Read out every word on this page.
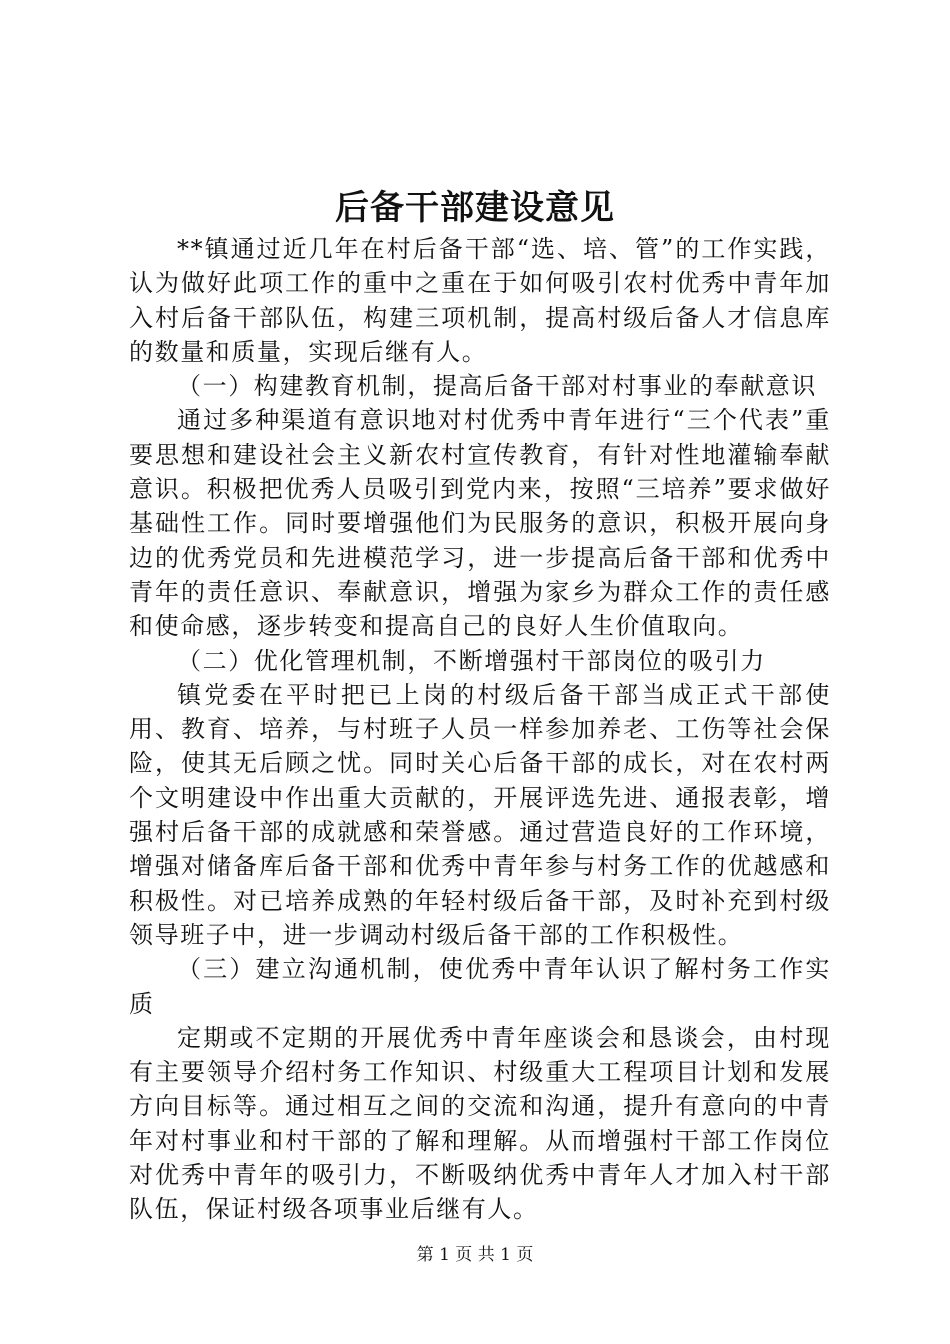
后备干部建设意见

**镇通过近几年在村后备干部“选、培、管”的工作实践，认为做好此项工作的重中之重在于如何吸引农村优秀中青年加入村后备干部队伍，构建三项机制，提高村级后备人才信息库的数量和质量，实现后继有人。

（一）构建教育机制，提高后备干部对村事业的奉献意识

通过多种渠道有意识地对村优秀中青年进行“三个代表”重要思想和建设社会主义新农村宣传教育，有针对性地灌输奉献意识。积极把优秀人员吸引到党内来，按照“三培养”要求做好基础性工作。同时要增强他们为民服务的意识，积极开展向身边的优秀党员和先进模范学习，进一步提高后备干部和优秀中青年的责任意识、奉献意识，增强为家乡为群众工作的责任感和使命感，逐步转变和提高自己的良好人生价值取向。

（二）优化管理机制，不断增强村干部岗位的吸引力

镇党委在平时把已上岗的村级后备干部当成正式干部使用、教育、培养，与村班子人员一样参加养老、工伤等社会保险，使其无后顾之忧。同时关心后备干部的成长，对在农村两个文明建设中作出重大贡献的，开展评选先进、通报表彰，增强村后备干部的成就感和荣誉感。通过营造良好的工作环境，增强对储备库后备干部和优秀中青年参与村务工作的优越感和积极性。对已培养成熟的年轻村级后备干部，及时补充到村级领导班子中，进一步调动村级后备干部的工作积极性。

（三）建立沟通机制，使优秀中青年认识了解村务工作实质

定期或不定期的开展优秀中青年座谈会和恳谈会，由村现有主要领导介绍村务工作知识、村级重大工程项目计划和发展方向目标等。通过相互之间的交流和沟通，提升有意向的中青年对村事业和村干部的了解和理解。从而增强村干部工作岗位对优秀中青年的吸引力，不断吸纳优秀中青年人才加入村干部队伍，保证村级各项事业后继有人。

第 1 页 共 1 页
